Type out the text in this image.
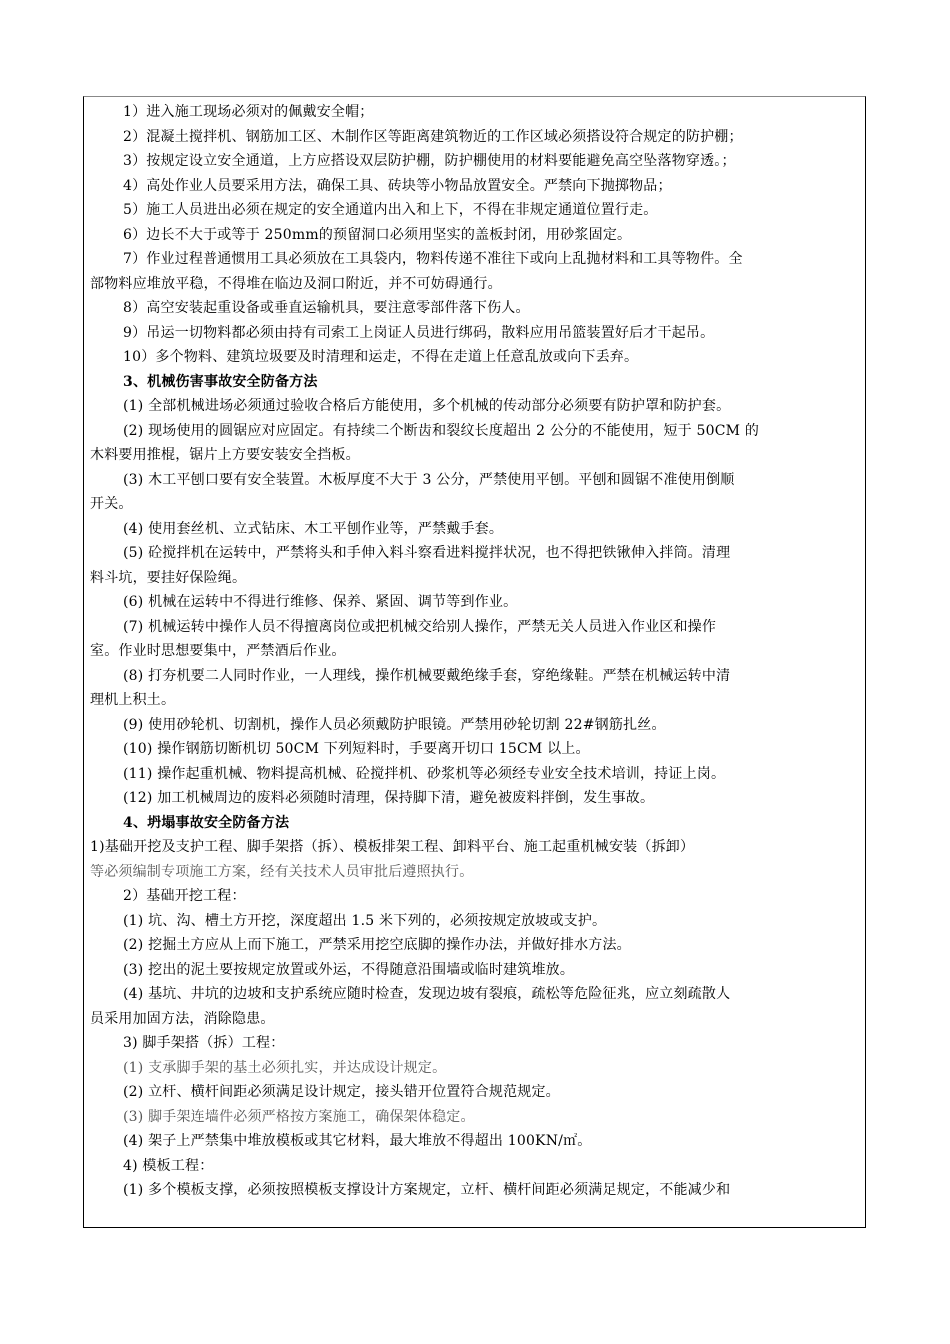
1）进入施工现场必须对的佩戴安全帽；
2）混凝土搅拌机、钢筋加工区、木制作区等距离建筑物近的工作区域必须搭设符合规定的防护棚；
3）按规定设立安全通道，上方应搭设双层防护棚，防护棚使用的材料要能避免高空坠落物穿透。；
4）高处作业人员要采用方法，确保工具、砖块等小物品放置安全。严禁向下抛掷物品；
5）施工人员进出必须在规定的安全通道内出入和上下，不得在非规定通道位置行走。
6）边长不大于或等于 250mm的预留洞口必须用坚实的盖板封闭，用砂浆固定。
7）作业过程普通惯用工具必须放在工具袋内，物料传递不准往下或向上乱抛材料和工具等物件。全
部物料应堆放平稳，不得堆在临边及洞口附近，并不可妨碍通行。
8）高空安装起重设备或垂直运输机具，要注意零部件落下伤人。
9）吊运一切物料都必须由持有司索工上岗证人员进行绑码，散料应用吊篮装置好后才干起吊。
10）多个物料、建筑垃圾要及时清理和运走，不得在走道上任意乱放或向下丢弃。
3、机械伤害事故安全防备方法
(1) 全部机械进场必须通过验收合格后方能使用，多个机械的传动部分必须要有防护罩和防护套。
(2) 现场使用的圆锯应对应固定。有持续二个断齿和裂纹长度超出 2 公分的不能使用，短于 50CM 的
木料要用推棍，锯片上方要安装安全挡板。
(3) 木工平刨口要有安全装置。木板厚度不大于 3 公分，严禁使用平刨。平刨和圆锯不准使用倒顺
开关。
(4) 使用套丝机、立式钻床、木工平刨作业等，严禁戴手套。
(5) 砼搅拌机在运转中，严禁将头和手伸入料斗察看进料搅拌状况，也不得把铁锹伸入拌筒。清理
料斗坑，要挂好保险绳。
(6) 机械在运转中不得进行维修、保养、紧固、调节等到作业。
(7) 机械运转中操作人员不得擅离岗位或把机械交给别人操作，严禁无关人员进入作业区和操作
室。作业时思想要集中，严禁酒后作业。
(8) 打夯机要二人同时作业，一人理线，操作机械要戴绝缘手套，穿绝缘鞋。严禁在机械运转中清
理机上积土。
(9) 使用砂轮机、切割机，操作人员必须戴防护眼镜。严禁用砂轮切割 22#钢筋扎丝。
(10) 操作钢筋切断机切 50CM 下列短料时，手要离开切口 15CM 以上。
(11) 操作起重机械、物料提高机械、砼搅拌机、砂浆机等必须经专业安全技术培训，持证上岗。
(12) 加工机械周边的废料必须随时清理，保持脚下清，避免被废料拌倒，发生事故。
4、坍塌事故安全防备方法
1)基础开挖及支护工程、脚手架搭（拆）、模板排架工程、卸料平台、施工起重机械安装（拆卸）
等必须编制专项施工方案，经有关技术人员审批后遵照执行。
2）基础开挖工程：
(1) 坑、沟、槽土方开挖，深度超出 1.5 米下列的，必须按规定放坡或支护。
(2) 挖掘土方应从上而下施工，严禁采用挖空底脚的操作办法，并做好排水方法。
(3) 挖出的泥土要按规定放置或外运，不得随意沿围墙或临时建筑堆放。
(4) 基坑、井坑的边坡和支护系统应随时检查，发现边坡有裂痕，疏松等危险征兆，应立刻疏散人
员采用加固方法，消除隐患。
3) 脚手架搭（拆）工程：
(1) 支承脚手架的基土必须扎实，并达成设计规定。
(2) 立杆、横杆间距必须满足设计规定，接头错开位置符合规范规定。
(3) 脚手架连墙件必须严格按方案施工，确保架体稳定。
(4) 架子上严禁集中堆放模板或其它材料，最大堆放不得超出 100KN/㎡。
4) 模板工程：
(1) 多个模板支撑，必须按照模板支撑设计方案规定，立杆、横杆间距必须满足规定，不能减少和
